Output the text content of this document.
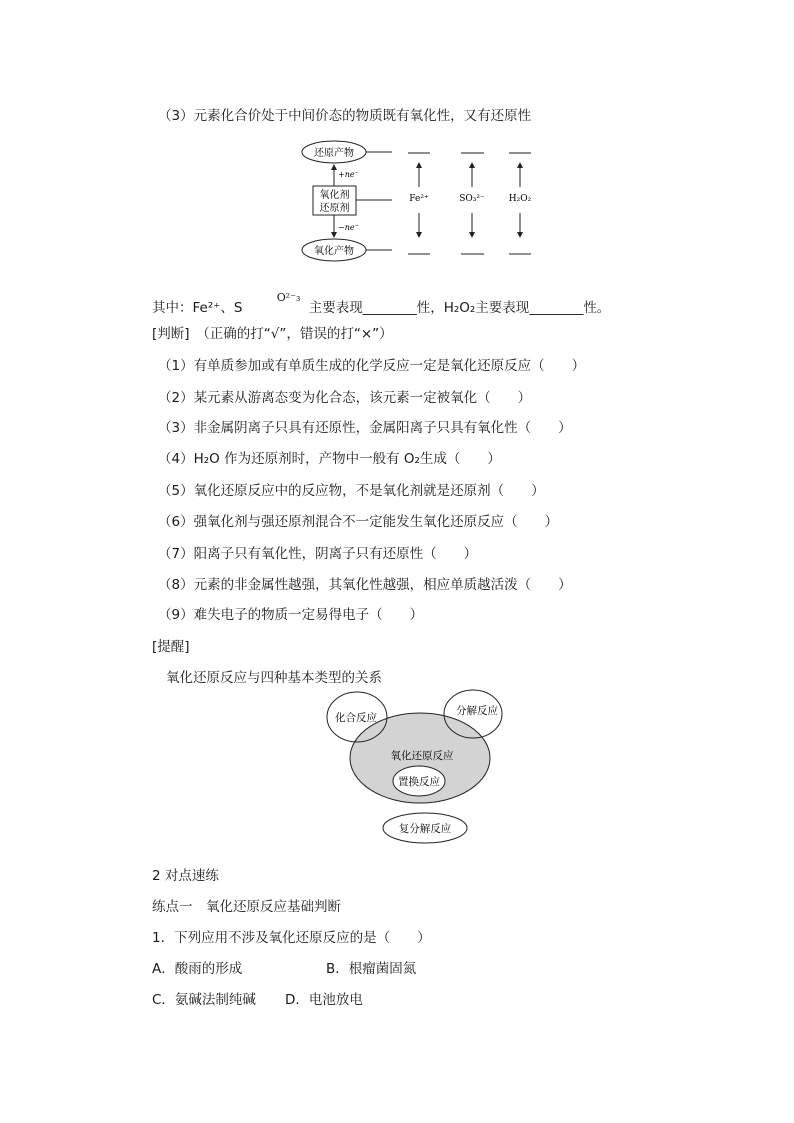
（3）元素化合价处于中间价态的物质既有氧化性，又有还原性
还原产物
氧化剂
还原剂
+ne⁻
−ne⁻
氧化产物
Fe²⁺	SO₃²⁻	H₂O₂
化合反应
分解反应
氧化还原反应
置换反应
复分解反应
其中：Fe²⁺、S $^{O^{2-}_3}$ 主要表现________性，H₂O₂主要表现________性。
[判断]　（正确的打“√”，错误的打“×”）
（1）有单质参加或有单质生成的化学反应一定是氧化还原反应（　　）
（2）某元素从游离态变为化合态，该元素一定被氧化（　　）
（3）非金属阴离子只具有还原性，金属阳离子只具有氧化性（　　）
（4）H₂O 作为还原剂时，产物中一般有 O₂生成（　　）
（5）氧化还原反应中的反应物，不是氧化剂就是还原剂（　　）
（6）强氧化剂与强还原剂混合不一定能发生氧化还原反应（　　）
（7）阳离子只有氧化性，阴离子只有还原性（　　）
（8）元素的非金属性越强，其氧化性越强，相应单质越活泼（　　）
（9）难失电子的物质一定易得电子（　　）
[提醒]
氧化还原反应与四种基本类型的关系
2 对点速练
练点一　氧化还原反应基础判断
1．下列应用不涉及氧化还原反应的是（　　）
A．酸雨的形成	B．根瘤菌固氮
C．氨碱法制纯碱 D．电池放电
